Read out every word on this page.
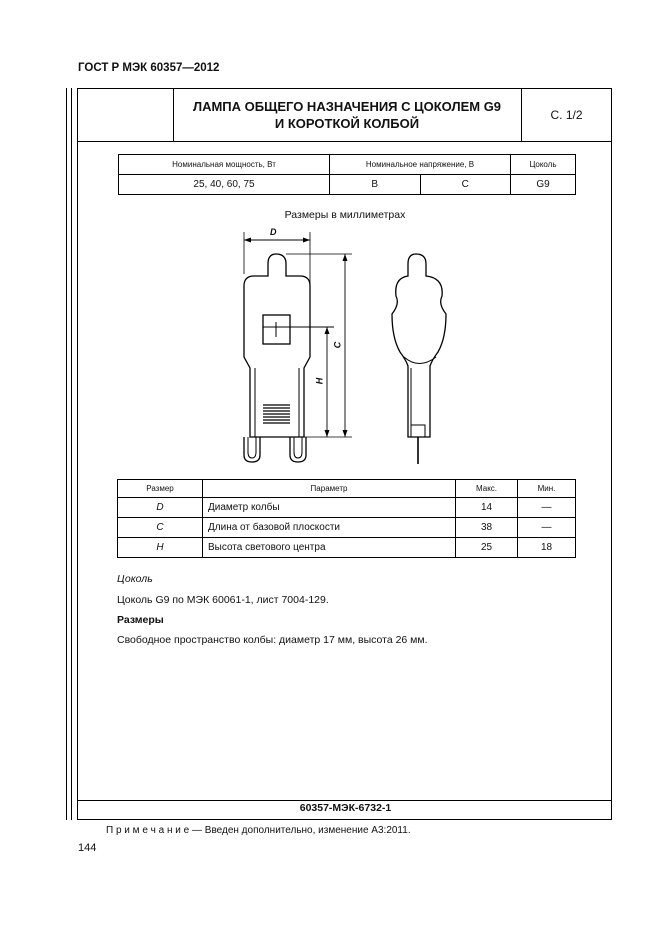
ГОСТ Р МЭК 60357—2012
ЛАМПА ОБЩЕГО НАЗНАЧЕНИЯ С ЦОКОЛЕМ G9
И КОРОТКОЙ КОЛБОЙ
С. 1/2
Номинальная мощность, Вт	Номинальное напряжение, В		Цоколь
25, 40, 60, 75	В	С	G9
Размеры в миллиметрах
D
C
H
Размер	Параметр	Макс.	Мин.
D	Диаметр колбы	14	—
C	Длина от базовой плоскости	38	—
H	Высота светового центра	25	18
Цоколь
Цоколь G9 по МЭК 60061-1, лист 7004-129.
Размеры
Свободное пространство колбы: диаметр 17 мм, высота 26 мм.
60357-МЭК-6732-1
П р и м е ч а н и е — Введен дополнительно, изменение А3:2011.
144
